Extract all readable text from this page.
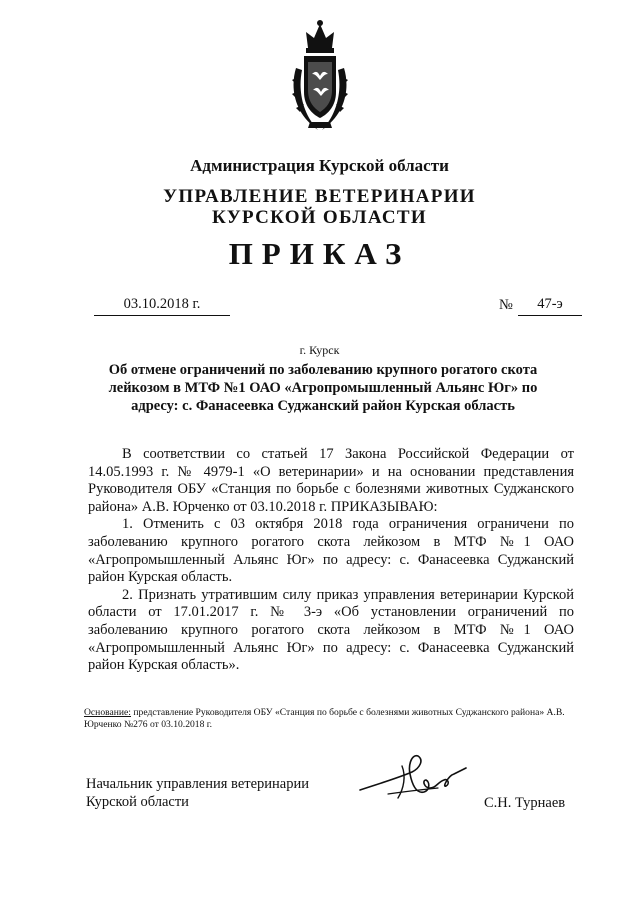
Администрация Курской области
УПРАВЛЕНИЕ ВЕТЕРИНАРИИ
КУРСКОЙ ОБЛАСТИ
ПРИКАЗ
03.10.2018 г.	№	47-э
г. Курск
Об отмене ограничений по заболеванию крупного рогатого скота лейкозом в МТФ №1 ОАО «Агропромышленный Альянс Юг» по адресу: с. Фанасеевка Суджанский район Курская область

В соответствии со статьей 17 Закона Российской Федерации от 14.05.1993 г. № 4979-1 «О ветеринарии» и на основании представления Руководителя ОБУ «Станция по борьбе с болезнями животных Суджанского района» А.В. Юрченко от 03.10.2018 г. ПРИКАЗЫВАЮ:

1. Отменить с 03 октября 2018 года ограничения ограничени по заболеванию крупного рогатого скота лейкозом в МТФ №1 ОАО «Агропромышленный Альянс Юг» по адресу: с. Фанасеевка Суджанский район Курская область.

2. Признать утратившим силу приказ управления ветеринарии Курской области от 17.01.2017 г. № 3-э «Об установлении ограничений по заболеванию крупного рогатого скота лейкозом в МТФ №1 ОАО «Агропромышленный Альянс Юг» по адресу: с. Фанасеевка Суджанский район Курская область».

Основание: представление Руководителя ОБУ «Станция по борьбе с болезнями животных Суджанского района» А.В. Юрченко №276 от 03.10.2018 г.
Начальник управления ветеринарии
Курской области	С.Н. Турнаев
